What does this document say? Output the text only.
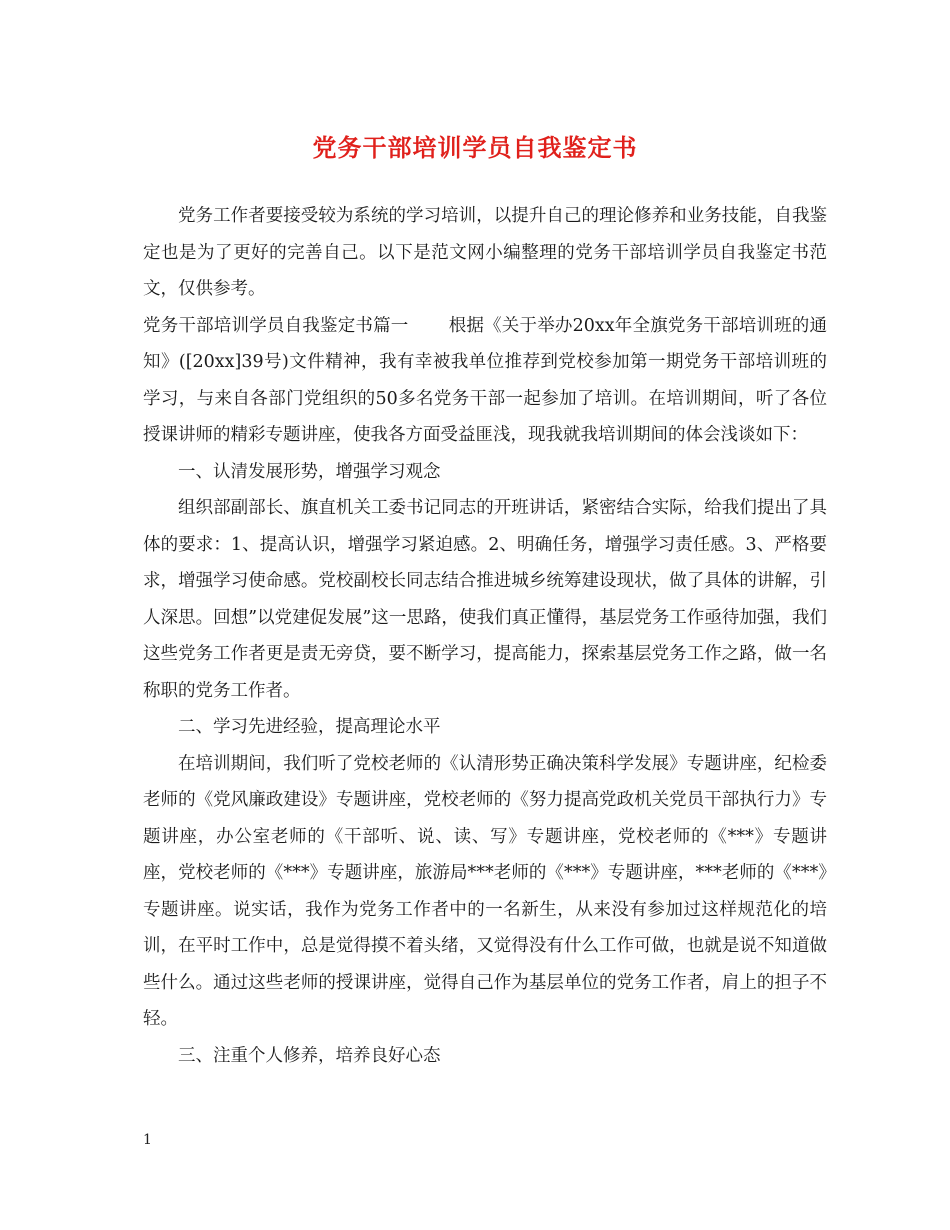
党务干部培训学员自我鉴定书

党务工作者要接受较为系统的学习培训，以提升自己的理论修养和业务技能，自我鉴定也是为了更好的完善自己。以下是范文网小编整理的党务干部培训学员自我鉴定书范文，仅供参考。

党务干部培训学员自我鉴定书篇一 根据《关于举办20xx年全旗党务干部培训班的通知》([20xx]39号)文件精神，我有幸被我单位推荐到党校参加第一期党务干部培训班的学习，与来自各部门党组织的50多名党务干部一起参加了培训。在培训期间，听了各位授课讲师的精彩专题讲座，使我各方面受益匪浅，现我就我培训期间的体会浅谈如下：

一、认清发展形势，增强学习观念

组织部副部长、旗直机关工委书记同志的开班讲话，紧密结合实际，给我们提出了具体的要求：1、提高认识，增强学习紧迫感。2、明确任务，增强学习责任感。3、严格要求，增强学习使命感。党校副校长同志结合推进城乡统筹建设现状，做了具体的讲解，引人深思。回想”以党建促发展”这一思路，使我们真正懂得，基层党务工作亟待加强，我们这些党务工作者更是责无旁贷，要不断学习，提高能力，探索基层党务工作之路，做一名称职的党务工作者。

二、学习先进经验，提高理论水平

在培训期间，我们听了党校老师的《认清形势正确决策科学发展》专题讲座，纪检委老师的《党风廉政建设》专题讲座，党校老师的《努力提高党政机关党员干部执行力》专题讲座，办公室老师的《干部听、说、读、写》专题讲座，党校老师的《***》专题讲座，党校老师的《***》专题讲座，旅游局***老师的《***》专题讲座，***老师的《***》专题讲座。说实话，我作为党务工作者中的一名新生，从来没有参加过这样规范化的培训，在平时工作中，总是觉得摸不着头绪，又觉得没有什么工作可做，也就是说不知道做些什么。通过这些老师的授课讲座，觉得自己作为基层单位的党务工作者，肩上的担子不轻。

三、注重个人修养，培养良好心态

1
